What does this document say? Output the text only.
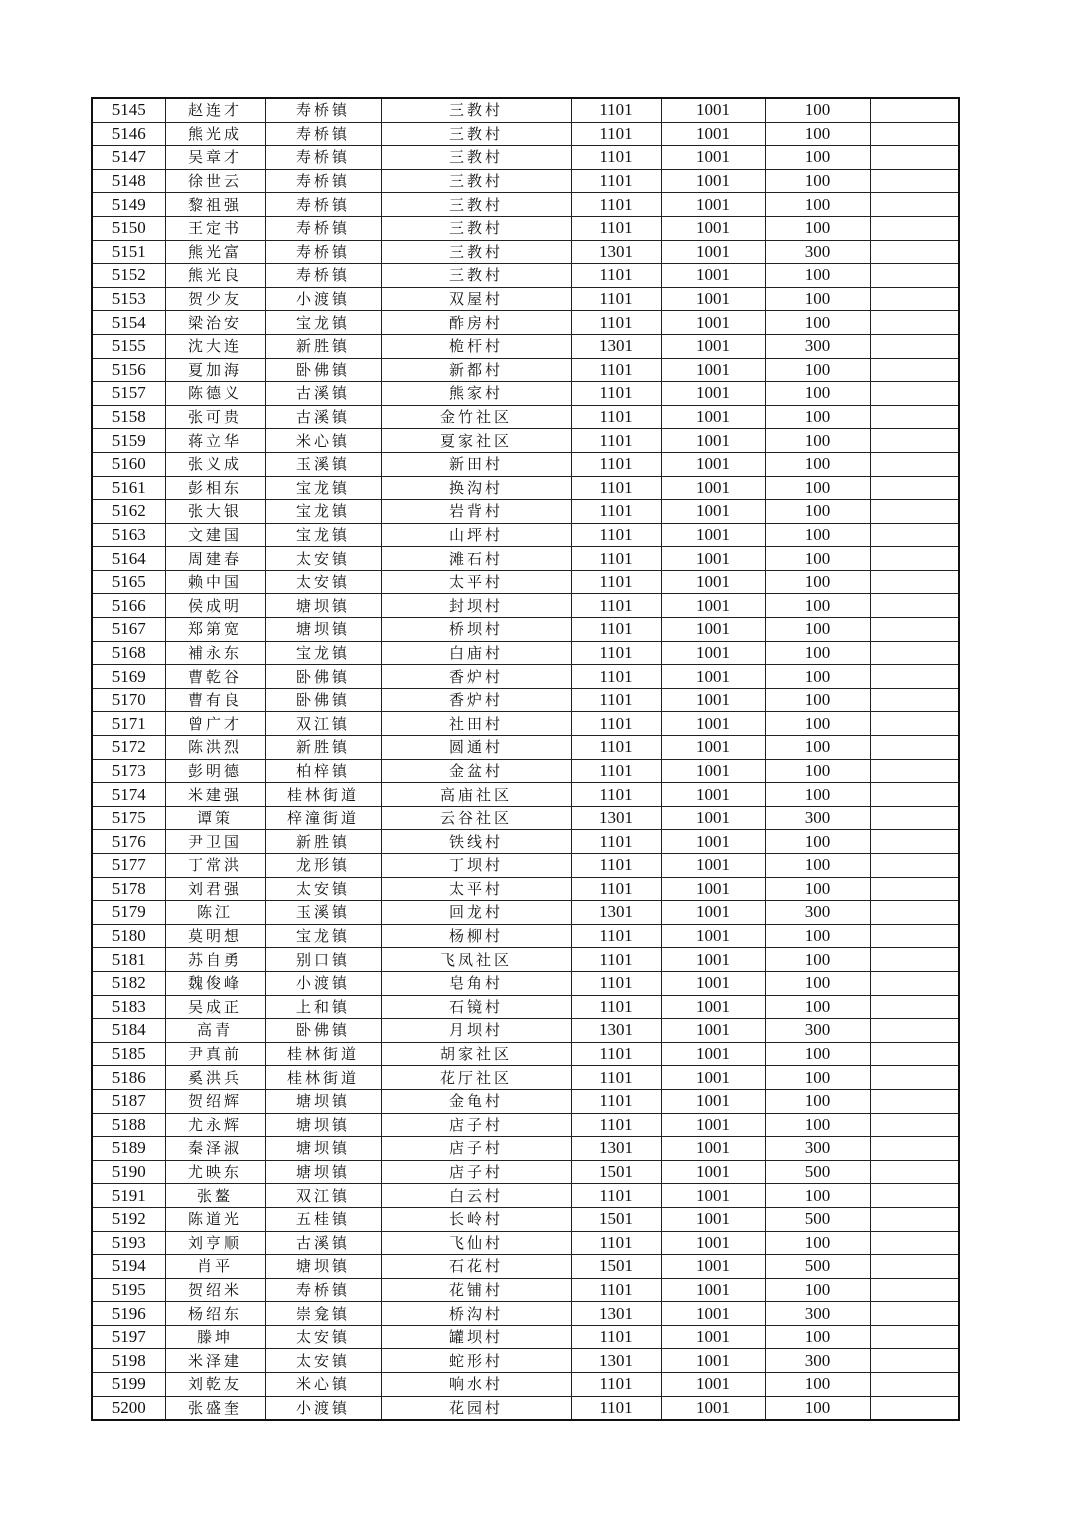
5145	赵连才	寿桥镇	三教村	1101	1001	100	
5146	熊光成	寿桥镇	三教村	1101	1001	100	
5147	吴章才	寿桥镇	三教村	1101	1001	100	
5148	徐世云	寿桥镇	三教村	1101	1001	100	
5149	黎祖强	寿桥镇	三教村	1101	1001	100	
5150	王定书	寿桥镇	三教村	1101	1001	100	
5151	熊光富	寿桥镇	三教村	1301	1001	300	
5152	熊光良	寿桥镇	三教村	1101	1001	100	
5153	贺少友	小渡镇	双屋村	1101	1001	100	
5154	梁治安	宝龙镇	酢房村	1101	1001	100	
5155	沈大连	新胜镇	桅杆村	1301	1001	300	
5156	夏加海	卧佛镇	新都村	1101	1001	100	
5157	陈德义	古溪镇	熊家村	1101	1001	100	
5158	张可贵	古溪镇	金竹社区	1101	1001	100	
5159	蒋立华	米心镇	夏家社区	1101	1001	100	
5160	张义成	玉溪镇	新田村	1101	1001	100	
5161	彭相东	宝龙镇	换沟村	1101	1001	100	
5162	张大银	宝龙镇	岩背村	1101	1001	100	
5163	文建国	宝龙镇	山坪村	1101	1001	100	
5164	周建春	太安镇	滩石村	1101	1001	100	
5165	赖中国	太安镇	太平村	1101	1001	100	
5166	侯成明	塘坝镇	封坝村	1101	1001	100	
5167	郑第宽	塘坝镇	桥坝村	1101	1001	100	
5168	補永东	宝龙镇	白庙村	1101	1001	100	
5169	曹乾谷	卧佛镇	香炉村	1101	1001	100	
5170	曹有良	卧佛镇	香炉村	1101	1001	100	
5171	曾广才	双江镇	社田村	1101	1001	100	
5172	陈洪烈	新胜镇	圆通村	1101	1001	100	
5173	彭明德	柏梓镇	金盆村	1101	1001	100	
5174	米建强	桂林街道	高庙社区	1101	1001	100	
5175	谭策	梓潼街道	云谷社区	1301	1001	300	
5176	尹卫国	新胜镇	铁线村	1101	1001	100	
5177	丁常洪	龙形镇	丁坝村	1101	1001	100	
5178	刘君强	太安镇	太平村	1101	1001	100	
5179	陈江	玉溪镇	回龙村	1301	1001	300	
5180	莫明想	宝龙镇	杨柳村	1101	1001	100	
5181	苏自勇	别口镇	飞凤社区	1101	1001	100	
5182	魏俊峰	小渡镇	皂角村	1101	1001	100	
5183	吴成正	上和镇	石镜村	1101	1001	100	
5184	高青	卧佛镇	月坝村	1301	1001	300	
5185	尹真前	桂林街道	胡家社区	1101	1001	100	
5186	奚洪兵	桂林街道	花厅社区	1101	1001	100	
5187	贺绍辉	塘坝镇	金龟村	1101	1001	100	
5188	尤永辉	塘坝镇	店子村	1101	1001	100	
5189	秦泽淑	塘坝镇	店子村	1301	1001	300	
5190	尤映东	塘坝镇	店子村	1501	1001	500	
5191	张鳌	双江镇	白云村	1101	1001	100	
5192	陈道光	五桂镇	长岭村	1501	1001	500	
5193	刘亨顺	古溪镇	飞仙村	1101	1001	100	
5194	肖平	塘坝镇	石花村	1501	1001	500	
5195	贺绍米	寿桥镇	花铺村	1101	1001	100	
5196	杨绍东	崇龛镇	桥沟村	1301	1001	300	
5197	滕坤	太安镇	罐坝村	1101	1001	100	
5198	米泽建	太安镇	蛇形村	1301	1001	300	
5199	刘乾友	米心镇	响水村	1101	1001	100	
5200	张盛奎	小渡镇	花园村	1101	1001	100	
